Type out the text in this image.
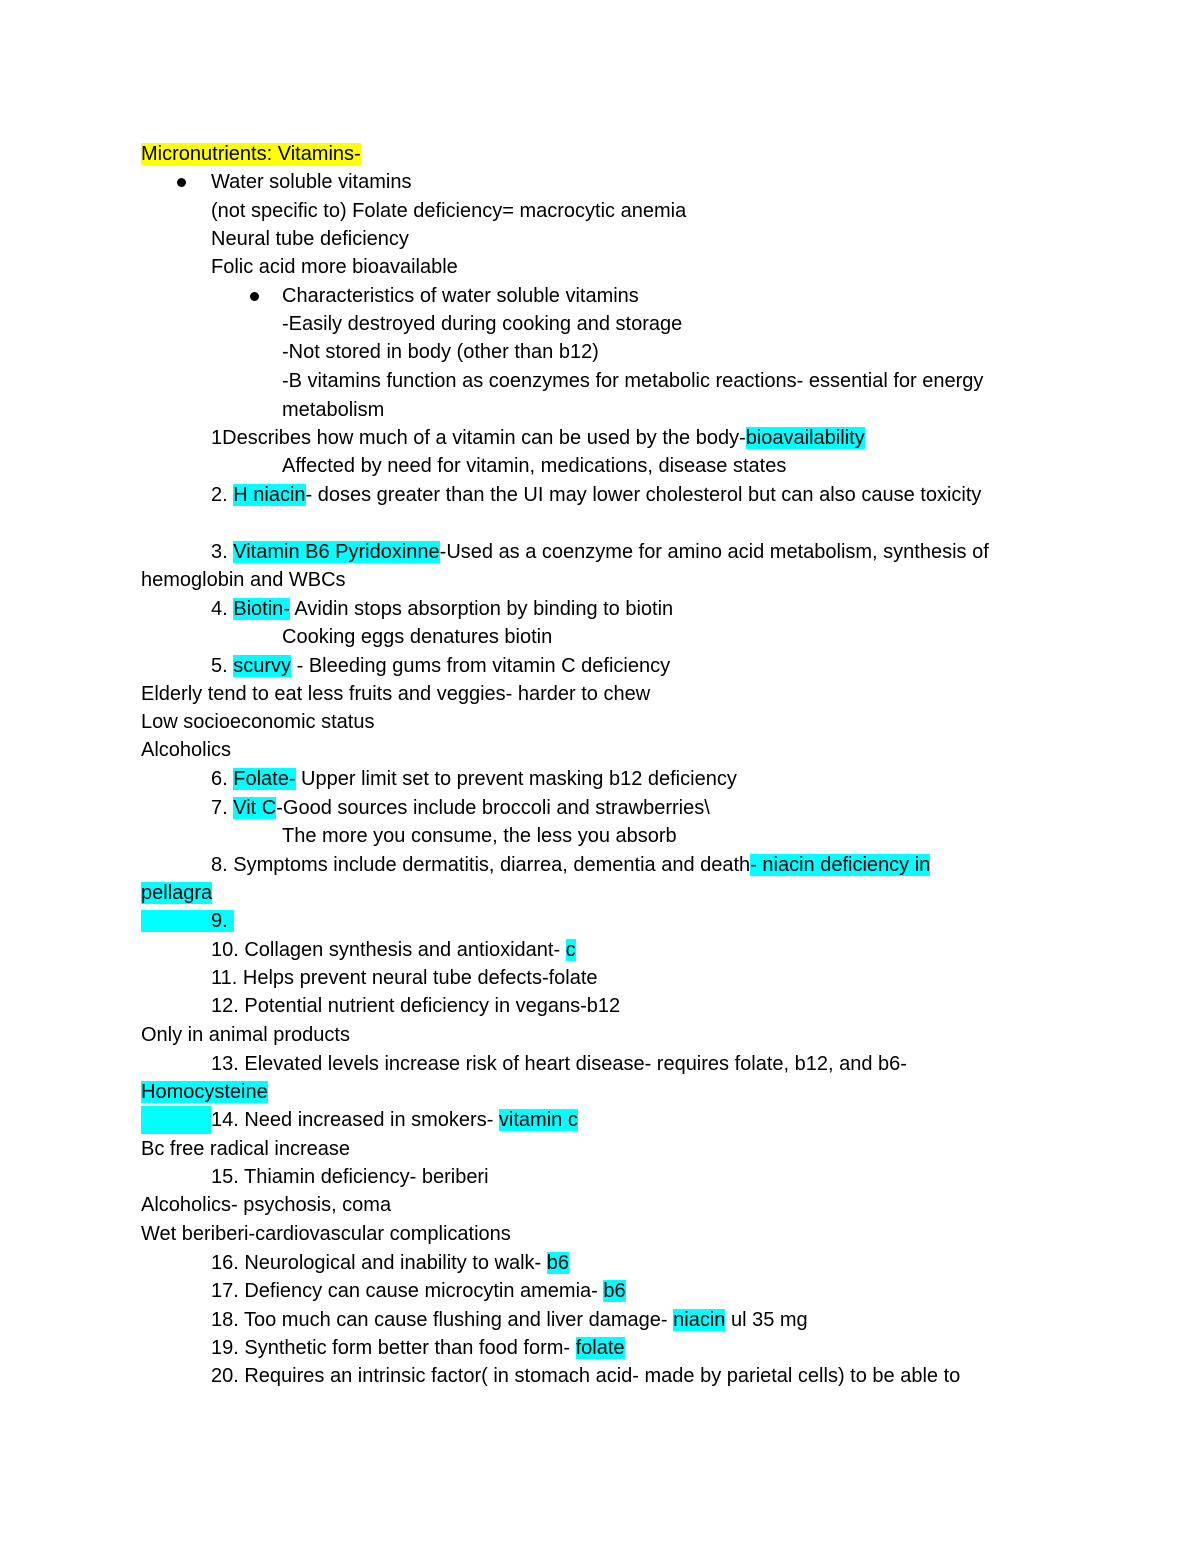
Micronutrients: Vitamins-
Water soluble vitamins
(not specific to) Folate deficiency= macrocytic anemia
Neural tube deficiency
Folic acid more bioavailable
Characteristics of water soluble vitamins
-Easily destroyed during cooking and storage
-Not stored in body (other than b12)
-B vitamins function as coenzymes for metabolic reactions- essential for energy
metabolism
1Describes how much of a vitamin can be used by the body-bioavailability
Affected by need for vitamin, medications, disease states
2. H niacin- doses greater than the UI may lower cholesterol but can also cause toxicity
3. Vitamin B6 Pyridoxinne-Used as a coenzyme for amino acid metabolism, synthesis of
hemoglobin and WBCs
4. Biotin- Avidin stops absorption by binding to biotin
Cooking eggs denatures biotin
5. scurvy - Bleeding gums from vitamin C deficiency
Elderly tend to eat less fruits and veggies- harder to chew
Low socioeconomic status
Alcoholics
6. Folate- Upper limit set to prevent masking b12 deficiency
7. Vit C-Good sources include broccoli and strawberries\
The more you consume, the less you absorb
8. Symptoms include dermatitis, diarrea, dementia and death- niacin deficiency in
pellagra
9.
10. Collagen synthesis and antioxidant- c
11. Helps prevent neural tube defects-folate
12. Potential nutrient deficiency in vegans-b12
Only in animal products
13. Elevated levels increase risk of heart disease- requires folate, b12, and b6-
Homocysteine
14. Need increased in smokers- vitamin c
Bc free radical increase
15. Thiamin deficiency- beriberi
Alcoholics- psychosis, coma
Wet beriberi-cardiovascular complications
16. Neurological and inability to walk- b6
17. Defiency can cause microcytin amemia- b6
18. Too much can cause flushing and liver damage- niacin ul 35 mg
19. Synthetic form better than food form- folate
20. Requires an intrinsic factor( in stomach acid- made by parietal cells) to be able to
